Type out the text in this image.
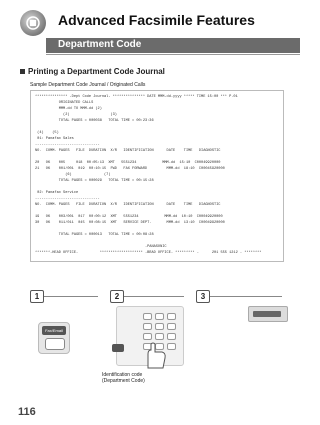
Advanced Facsimile Features
Department Code
Printing a Department Code Journal
Sample Department Code Journal / Originated Calls
*************** -Dept Code Journal- *************** DATE MMM-dd-yyyy ***** TIME 15:00 *** P.01
ORIGINATED CALLS
MMM-dd TO MMM-dd (2)
(2)                   (3)
TOTAL PAGES = 000038   TOTAL TIME = 00:23:36
(4)    (5)
01: Panafax Sales
------------------------------
NO.  COMM. PAGES   FILE  DURATION  X/R   IDENTIFICATION      DATE    TIME   DIAGNOSTIC
20   OK    005     018  00:05:13  XMT   5551234            MMM-dd  15:10  C00049920000
21   OK    001/001  019  00:10:15  FWD   FAX FORWARD         MMM-dd  18:10  C00045920000
(6)               (7)
TOTAL PAGES = 000029   TOTAL TIME = 00:15:28
02: Panafax Service
------------------------------
NO.  COMM. PAGES   FILE  DURATION  X/R   IDENTIFICATION      DATE    TIME   DIAGNOSTIC
19   OK    003/001  017  00:00:12  XMT   5551234            MMM-dd  10:10  C00049920000
30   OK    011/011  045  00:08:15  XMT   SERVICE DEPT.       MMM-dd  13:10  C00049920000
TOTAL PAGES = 000013   TOTAL TIME = 00:08:28
-PANASONIC
*******-HEAD OFFICE-          ******************** -BRAD OFFICE- ********* -      201 555 1212 - ********
1	2	3
Fax/Email
Identification code
(Department Code)
116
